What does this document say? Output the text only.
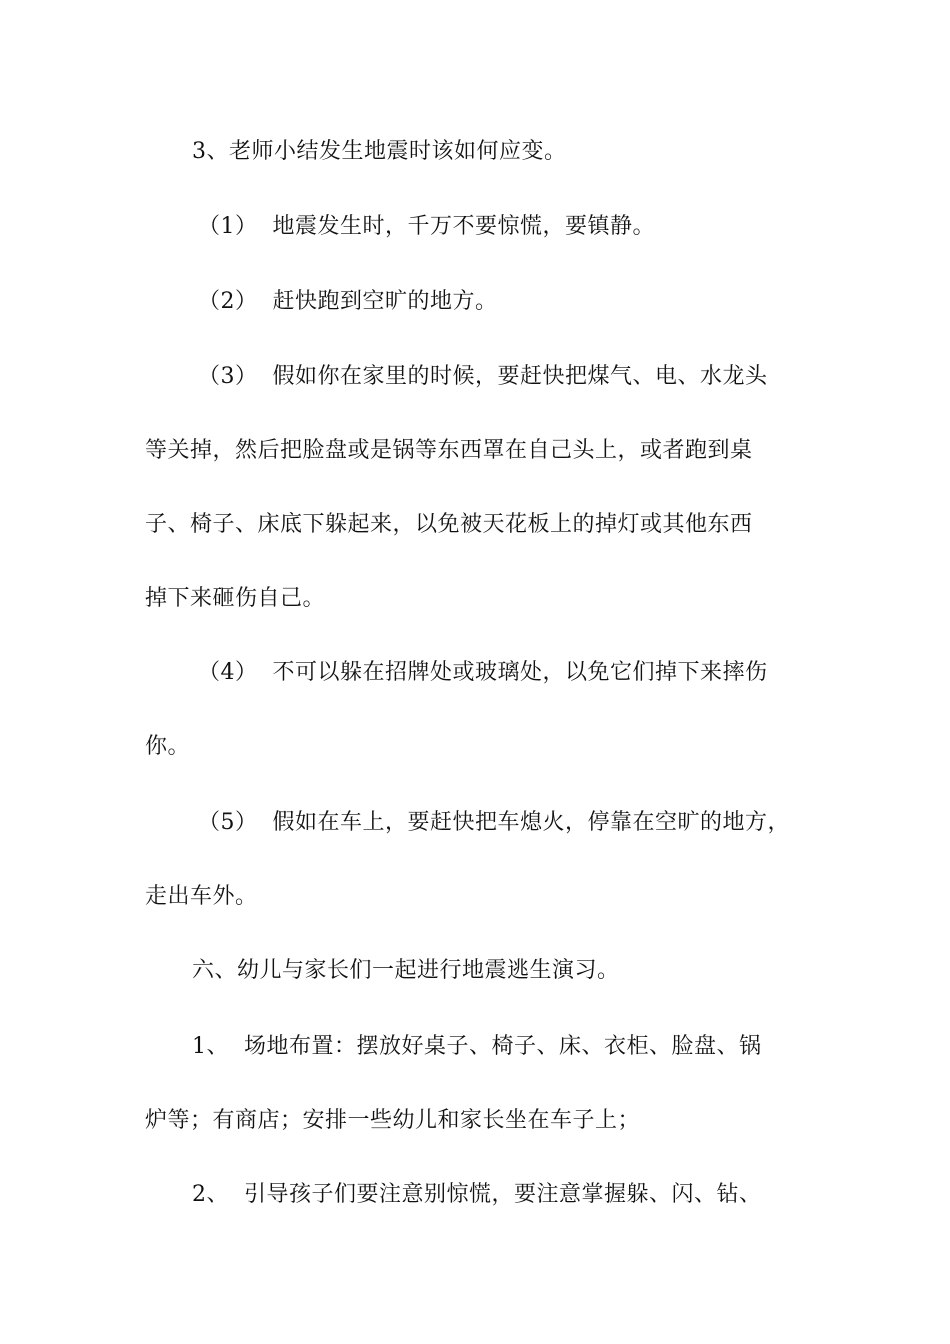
3、老师小结发生地震时该如何应变。
（1）  地震发生时，千万不要惊慌，要镇静。
（2）  赶快跑到空旷的地方。
（3）  假如你在家里的时候，要赶快把煤气、电、水龙头
等关掉，然后把脸盘或是锅等东西罩在自己头上，或者跑到桌
子、椅子、床底下躲起来，以免被天花板上的掉灯或其他东西
掉下来砸伤自己。
（4）  不可以躲在招牌处或玻璃处，以免它们掉下来摔伤
你。
（5）  假如在车上，要赶快把车熄火，停靠在空旷的地方，
走出车外。
六、幼儿与家长们一起进行地震逃生演习。
1、  场地布置：摆放好桌子、椅子、床、衣柜、脸盘、锅
炉等；有商店；安排一些幼儿和家长坐在车子上；
2、  引导孩子们要注意别惊慌，要注意掌握躲、闪、钻、
